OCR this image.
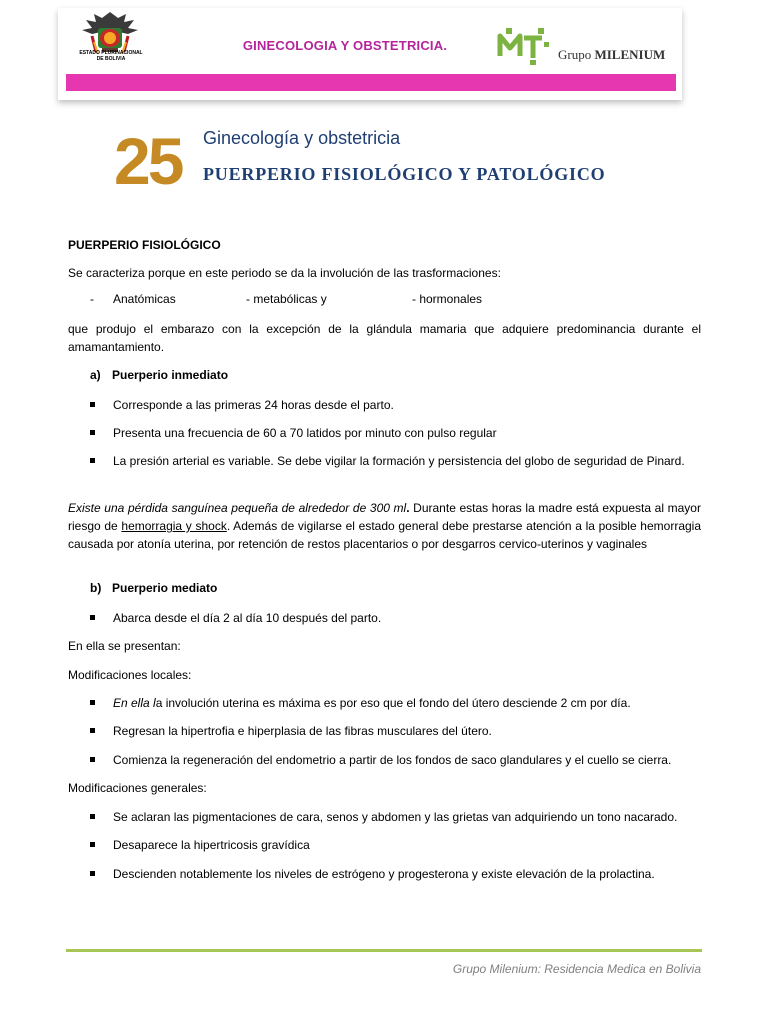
ESTADO PLURINACIONAL
DE BOLIVIA
GINECOLOGIA Y OBSTETRICIA.
Grupo MILENIUM
25 Ginecología y obstetricia
PUERPERIO FISIOLÓGICO Y PATOLÓGICO
PUERPERIO FISIOLÓGICO
Se caracteriza porque en este periodo se da la involución de las trasformaciones:
- Anatómicas	- metabólicas y	- hormonales
que produjo el embarazo con la excepción de la glándula mamaria que adquiere predominancia durante el amamantamiento.
a) Puerperio inmediato
Corresponde a las primeras 24 horas desde el parto.
Presenta una frecuencia de 60 a 70 latidos por minuto con pulso regular
La presión arterial es variable. Se debe vigilar la formación y persistencia del globo de seguridad de Pinard.
Existe una pérdida sanguínea pequeña de alrededor de 300 ml. Durante estas horas la madre está expuesta al mayor riesgo de hemorragia y shock. Además de vigilarse el estado general debe prestarse atención a la posible hemorragia causada por atonía uterina, por retención de restos placentarios o por desgarros cervico-uterinos y vaginales
b) Puerperio mediato
Abarca desde el día 2 al día 10 después del parto.
En ella se presentan:
Modificaciones locales:
En ella la involución uterina es máxima es por eso que el fondo del útero desciende 2 cm por día.
Regresan la hipertrofia e hiperplasia de las fibras musculares del útero.
Comienza la regeneración del endometrio a partir de los fondos de saco glandulares y el cuello se cierra.
Modificaciones generales:
Se aclaran las pigmentaciones de cara, senos y abdomen y las grietas van adquiriendo un tono nacarado.
Desaparece la hipertricosis gravídica
Descienden notablemente los niveles de estrógeno y progesterona y existe elevación de la prolactina.
Grupo Milenium: Residencia Medica en Bolivia
